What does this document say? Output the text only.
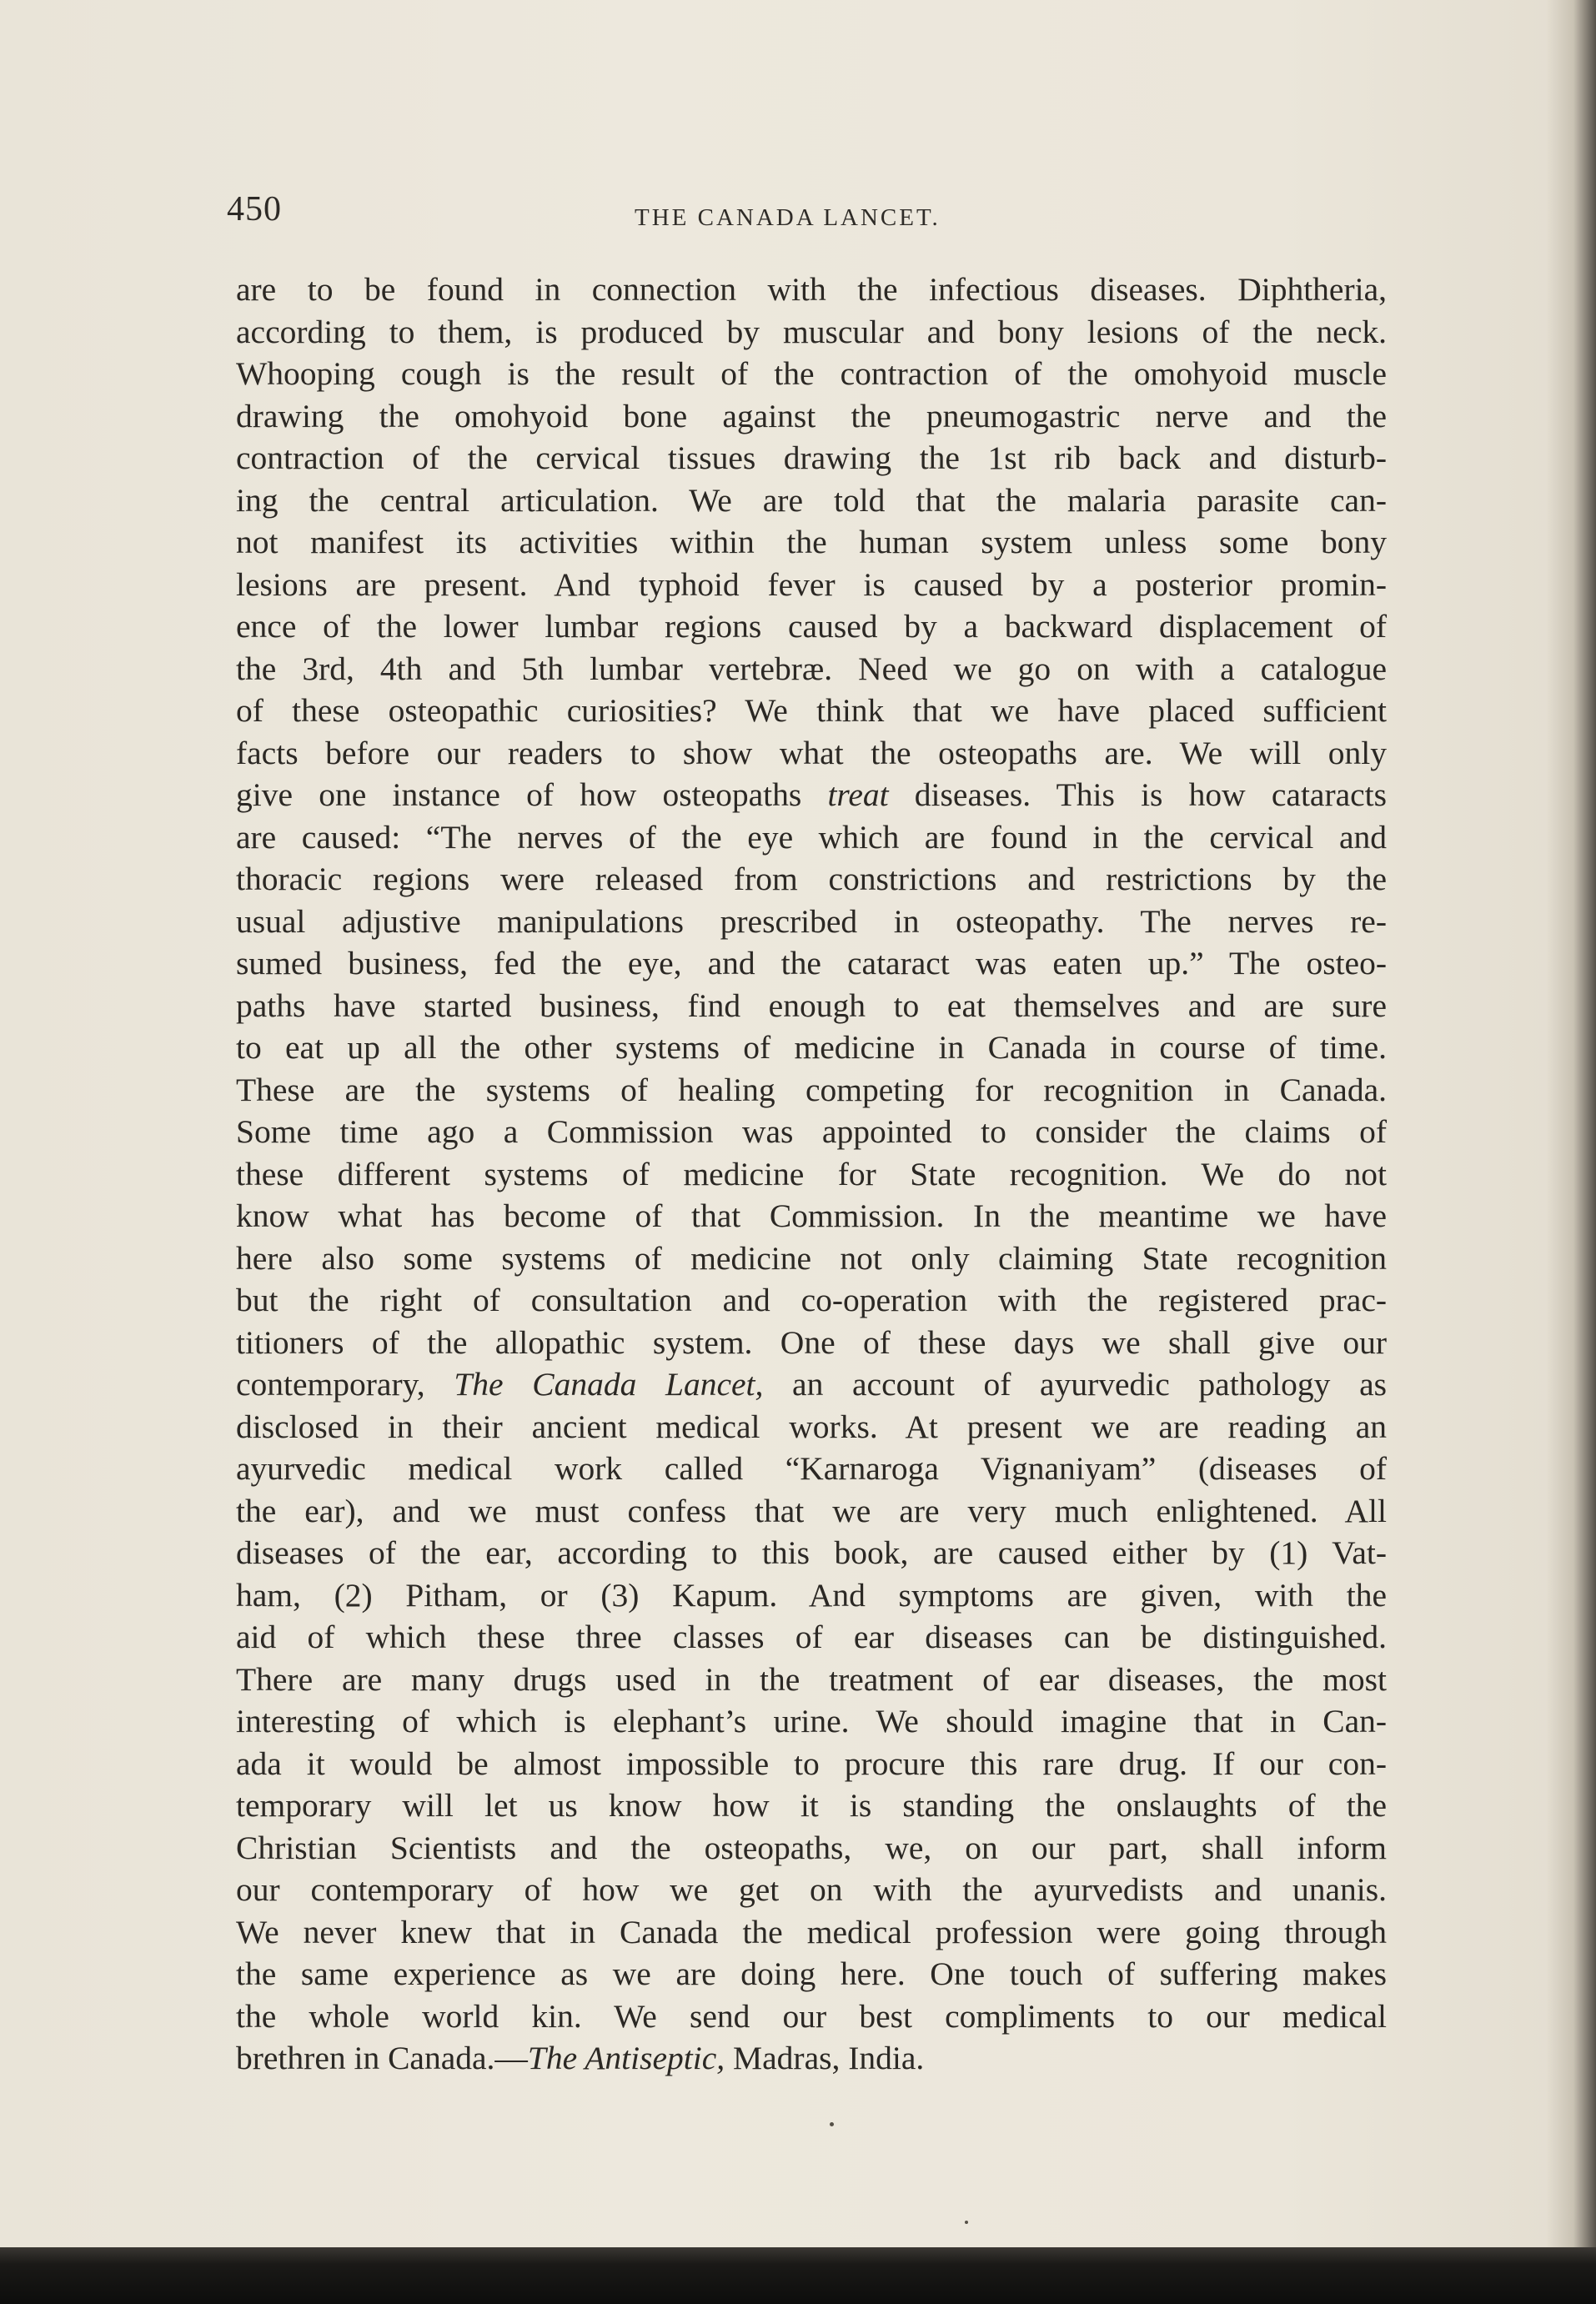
450	THE CANADA LANCET.
are to be found in connection with the infectious diseases. Diphtheria,
according to them, is produced by muscular and bony lesions of the neck.
Whooping cough is the result of the contraction of the omohyoid muscle
drawing the omohyoid bone against the pneumogastric nerve and the
contraction of the cervical tissues drawing the 1st rib back and disturb-
ing the central articulation. We are told that the malaria parasite can-
not manifest its activities within the human system unless some bony
lesions are present. And typhoid fever is caused by a posterior promin-
ence of the lower lumbar regions caused by a backward displacement of
the 3rd, 4th and 5th lumbar vertebræ. Need we go on with a catalogue
of these osteopathic curiosities? We think that we have placed sufficient
facts before our readers to show what the osteopaths are. We will only
give one instance of how osteopaths treat diseases. This is how cataracts
are caused: “The nerves of the eye which are found in the cervical and
thoracic regions were released from constrictions and restrictions by the
usual adjustive manipulations prescribed in osteopathy. The nerves re-
sumed business, fed the eye, and the cataract was eaten up.” The osteo-
paths have started business, find enough to eat themselves and are sure
to eat up all the other systems of medicine in Canada in course of time.
These are the systems of healing competing for recognition in Canada.
Some time ago a Commission was appointed to consider the claims of
these different systems of medicine for State recognition. We do not
know what has become of that Commission. In the meantime we have
here also some systems of medicine not only claiming State recognition
but the right of consultation and co-operation with the registered prac-
titioners of the allopathic system. One of these days we shall give our
contemporary, The Canada Lancet, an account of ayurvedic pathology as
disclosed in their ancient medical works. At present we are reading an
ayurvedic medical work called “Karnaroga Vignaniyam” (diseases of
the ear), and we must confess that we are very much enlightened. All
diseases of the ear, according to this book, are caused either by (1) Vat-
ham, (2) Pitham, or (3) Kapum. And symptoms are given, with the
aid of which these three classes of ear diseases can be distinguished.
There are many drugs used in the treatment of ear diseases, the most
interesting of which is elephant’s urine. We should imagine that in Can-
ada it would be almost impossible to procure this rare drug. If our con-
temporary will let us know how it is standing the onslaughts of the
Christian Scientists and the osteopaths, we, on our part, shall inform
our contemporary of how we get on with the ayurvedists and unanis.
We never knew that in Canada the medical profession were going through
the same experience as we are doing here. One touch of suffering makes
the whole world kin. We send our best compliments to our medical
brethren in Canada.—The Antiseptic, Madras, India.
